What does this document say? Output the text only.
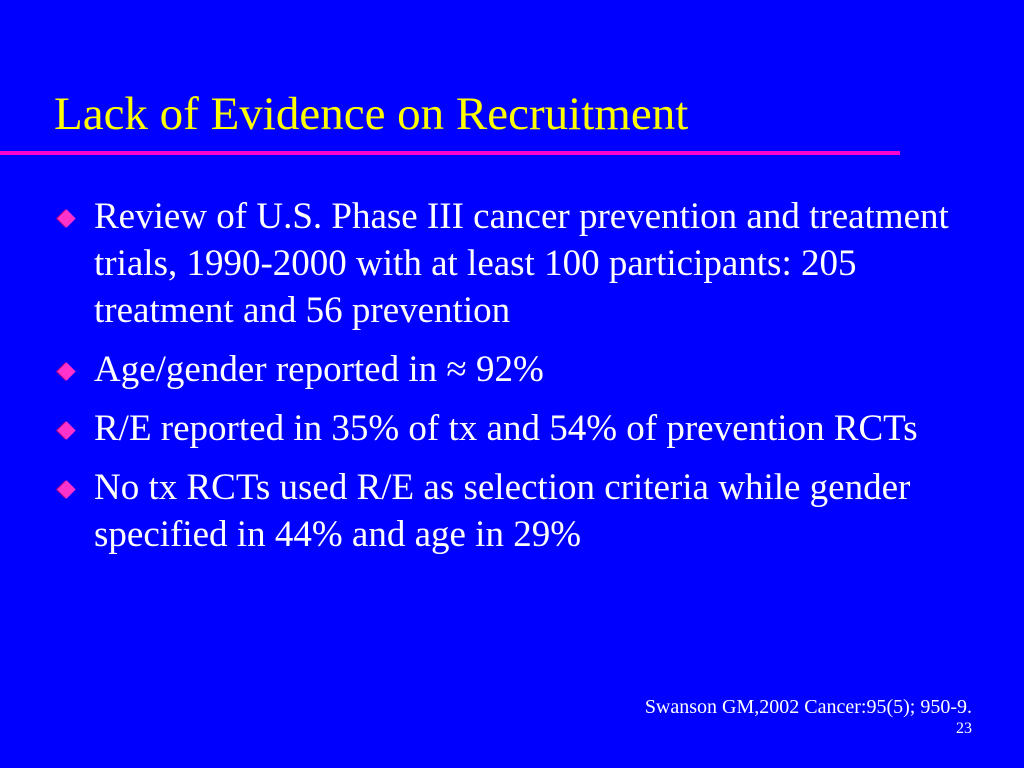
Lack of Evidence on Recruitment
Review of U.S. Phase III cancer prevention and treatment trials, 1990-2000 with at least 100 participants: 205 treatment and 56 prevention
Age/gender reported in ≈ 92%
R/E reported in 35% of tx and 54% of prevention RCTs
No tx RCTs used R/E as selection criteria while gender specified in 44% and age in 29%
Swanson GM,2002 Cancer:95(5); 950-9.
23
